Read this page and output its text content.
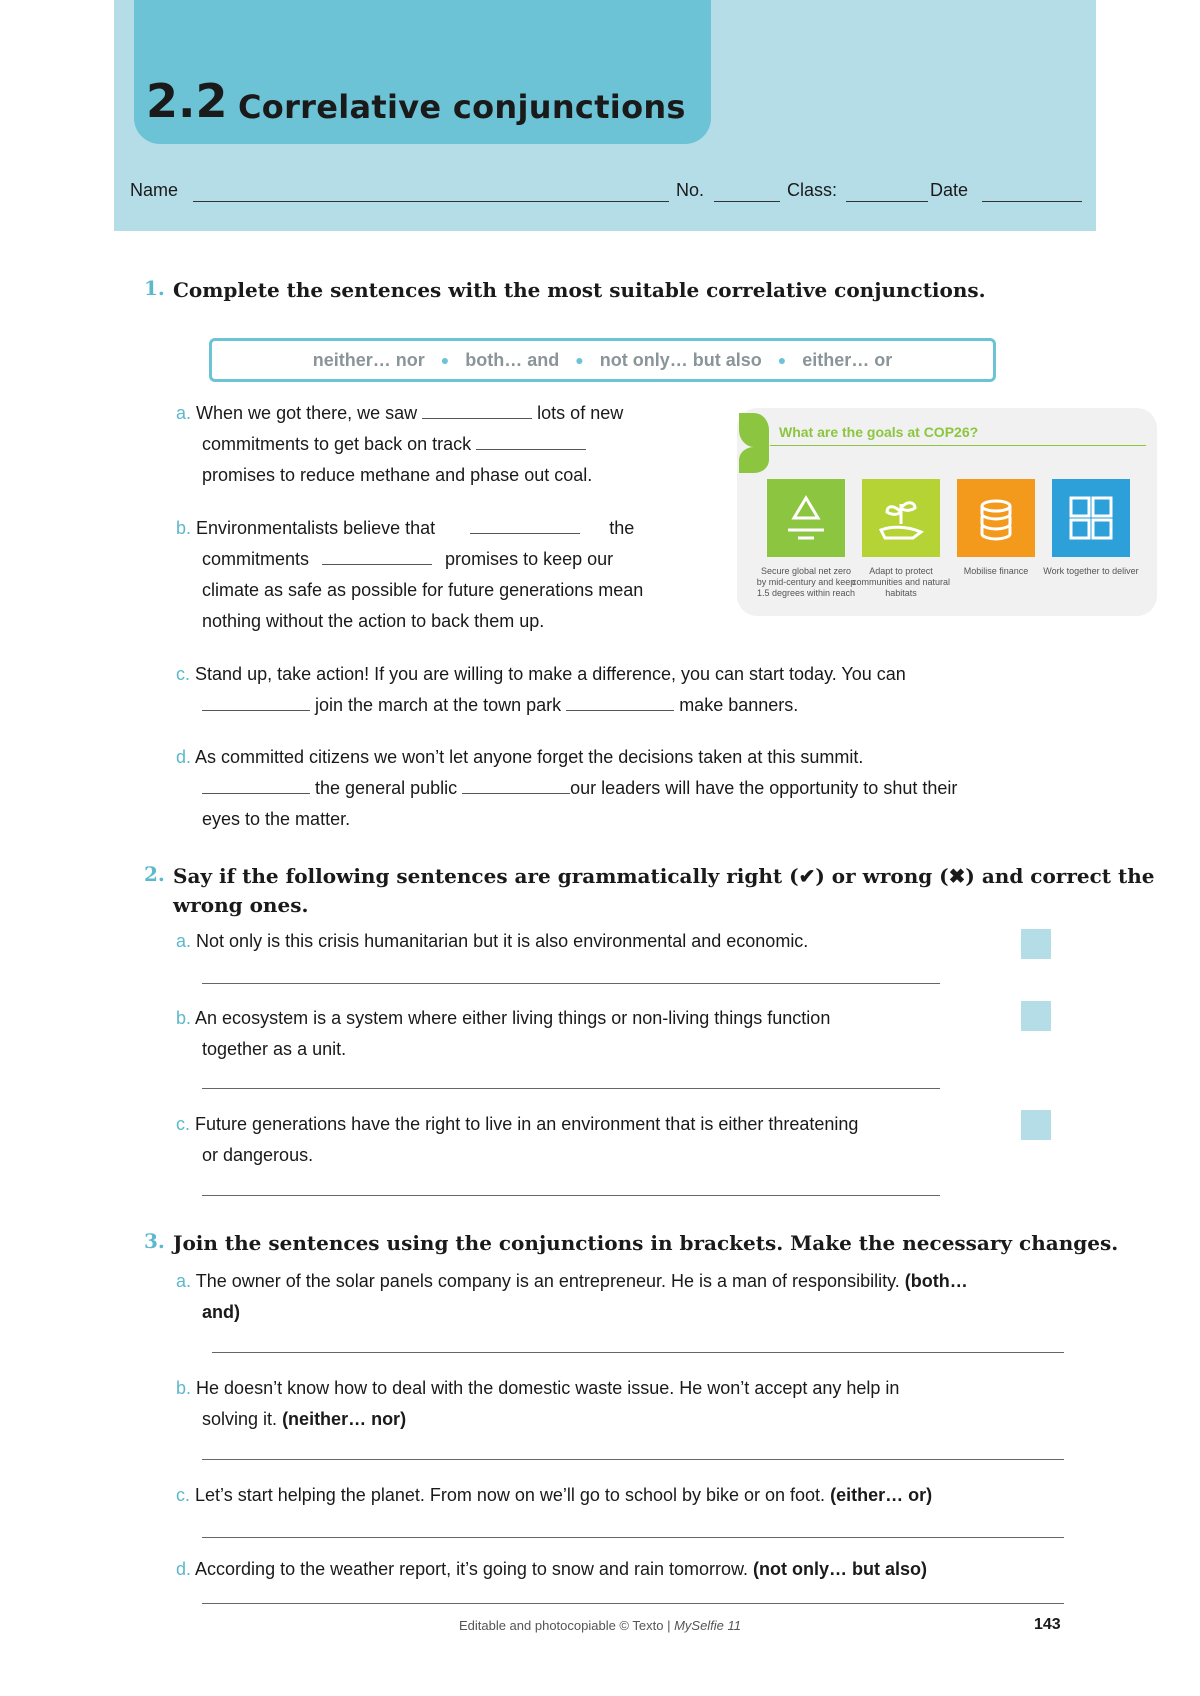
2.2 Correlative conjunctions
Name	No.	Class:	Date
1. Complete the sentences with the most suitable correlative conjunctions.
neither… nor ● both… and ● not only… but also ● either… or
a. When we got there, we saw	lots of new
commitments to get back on track
promises to reduce methane and phase out coal.
b. Environmentalists believe that	the
commitments	promises to keep our
climate as safe as possible for future generations mean
nothing without the action to back them up.
What are the goals at COP26?
Secure global net zero by mid-century and keep 1.5 degrees within reach
Adapt to protect communities and natural habitats
Mobilise finance	Work together to deliver
c. Stand up, take action! If you are willing to make a difference, you can start today. You can
join the march at the town park	make banners.
d. As committed citizens we won’t let anyone forget the decisions taken at this summit.
the general public	our leaders will have the opportunity to shut their
eyes to the matter.
2. Say if the following sentences are grammatically right (✔) or wrong (✖) and correct the
wrong ones.
a. Not only is this crisis humanitarian but it is also environmental and economic.
b. An ecosystem is a system where either living things or non-living things function
together as a unit.
c. Future generations have the right to live in an environment that is either threatening
or dangerous.
3. Join the sentences using the conjunctions in brackets. Make the necessary changes.
a. The owner of the solar panels company is an entrepreneur. He is a man of responsibility. (both…
and)
b. He doesn’t know how to deal with the domestic waste issue. He won’t accept any help in
solving it. (neither… nor)
c. Let’s start helping the planet. From now on we’ll go to school by bike or on foot. (either… or)
d. According to the weather report, it’s going to snow and rain tomorrow. (not only… but also)
Editable and photocopiable © Texto | MySelfie 11	143
